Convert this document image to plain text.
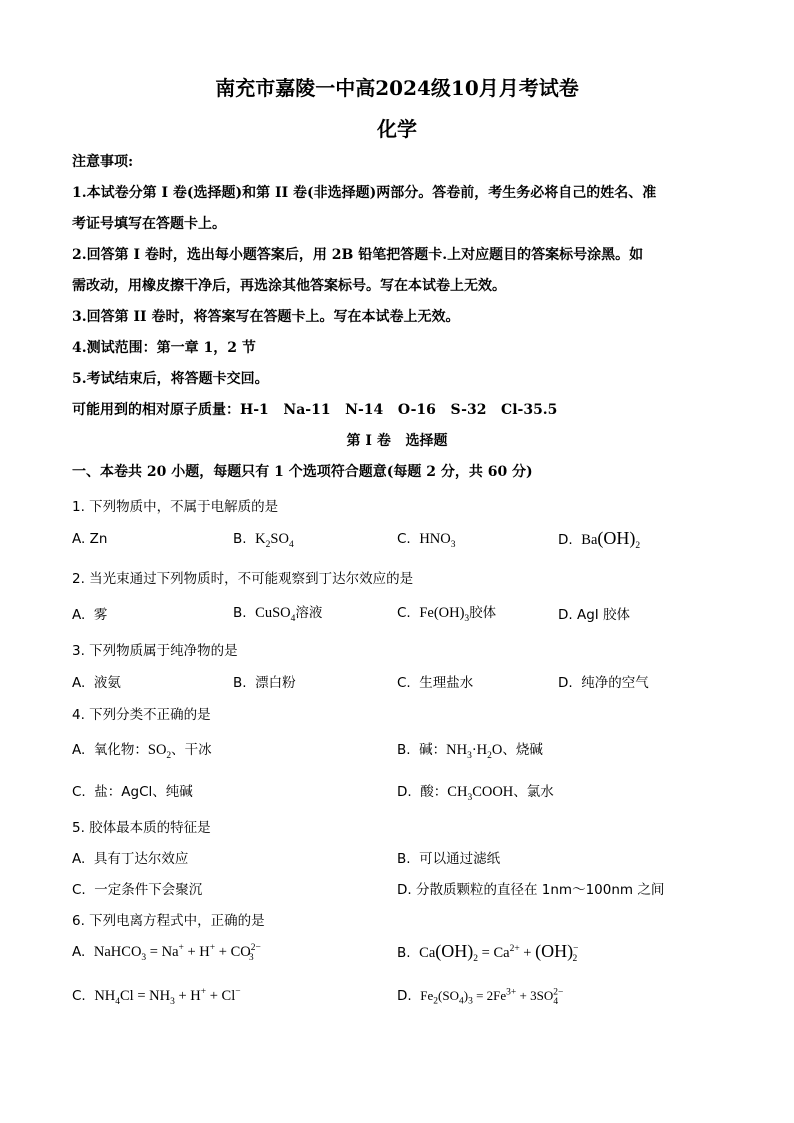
南充市嘉陵一中高2024级10月月考试卷
化学
注意事项:
1.本试卷分第 I 卷(选择题)和第 II 卷(非选择题)两部分。答卷前，考生务必将自己的姓名、准
考证号填写在答题卡上。
2.回答第 I 卷时，选出每小题答案后，用 2B 铅笔把答题卡.上对应题目的答案标号涂黑。如
需改动，用橡皮擦干净后，再选涂其他答案标号。写在本试卷上无效。
3.回答第 II 卷时，将答案写在答题卡上。写在本试卷上无效。
4.测试范围：第一章 1，2 节
5.考试结束后，将答题卡交回。
可能用到的相对原子质量：H-1   Na-11   N-14   O-16   S-32   Cl-35.5
第 I 卷   选择题
一、本卷共 20 小题，每题只有 1 个选项符合题意(每题 2 分，共 60 分)
1. 下列物质中，不属于电解质的是
A. Zn	B. $K_2SO_4$	C. $HNO_3$	D. $Ba(OH)_2$
2. 当光束通过下列物质时，不可能观察到丁达尔效应的是
A.  雾	B. CuSO$_4$溶液	C. $Fe(OH)_3$胶体	D. AgI 胶体
3. 下列物质属于纯净物的是
A.  液氨	B.  漂白粉	C.  生理盐水	D.  纯净的空气
4. 下列分类不正确的是
A.  氧化物：$SO_2$、干冰	B.  碱：$NH_3\cdot H_2O$、烧碱
C.  盐：AgCl、纯碱	D.  酸：$CH_3COOH$、氯水
5. 胶体最本质的特征是
A.  具有丁达尔效应	B.  可以通过滤纸
C.  一定条件下会聚沉	D. 分散质颗粒的直径在 1nm～100nm 之间
6. 下列电离方程式中，正确的是
A. NaHCO$_3$ = $Na^+ + H^+ + CO^{2-}_3$	B. $Ca(OH)_2 = Ca^{2+} + (OH)^-_2$
C. $NH_4Cl = NH_3 + H^+ + Cl^-$	D. $Fe_2(SO_4)_3 = 2Fe^{3+} + 3SO^{2-}_4$
